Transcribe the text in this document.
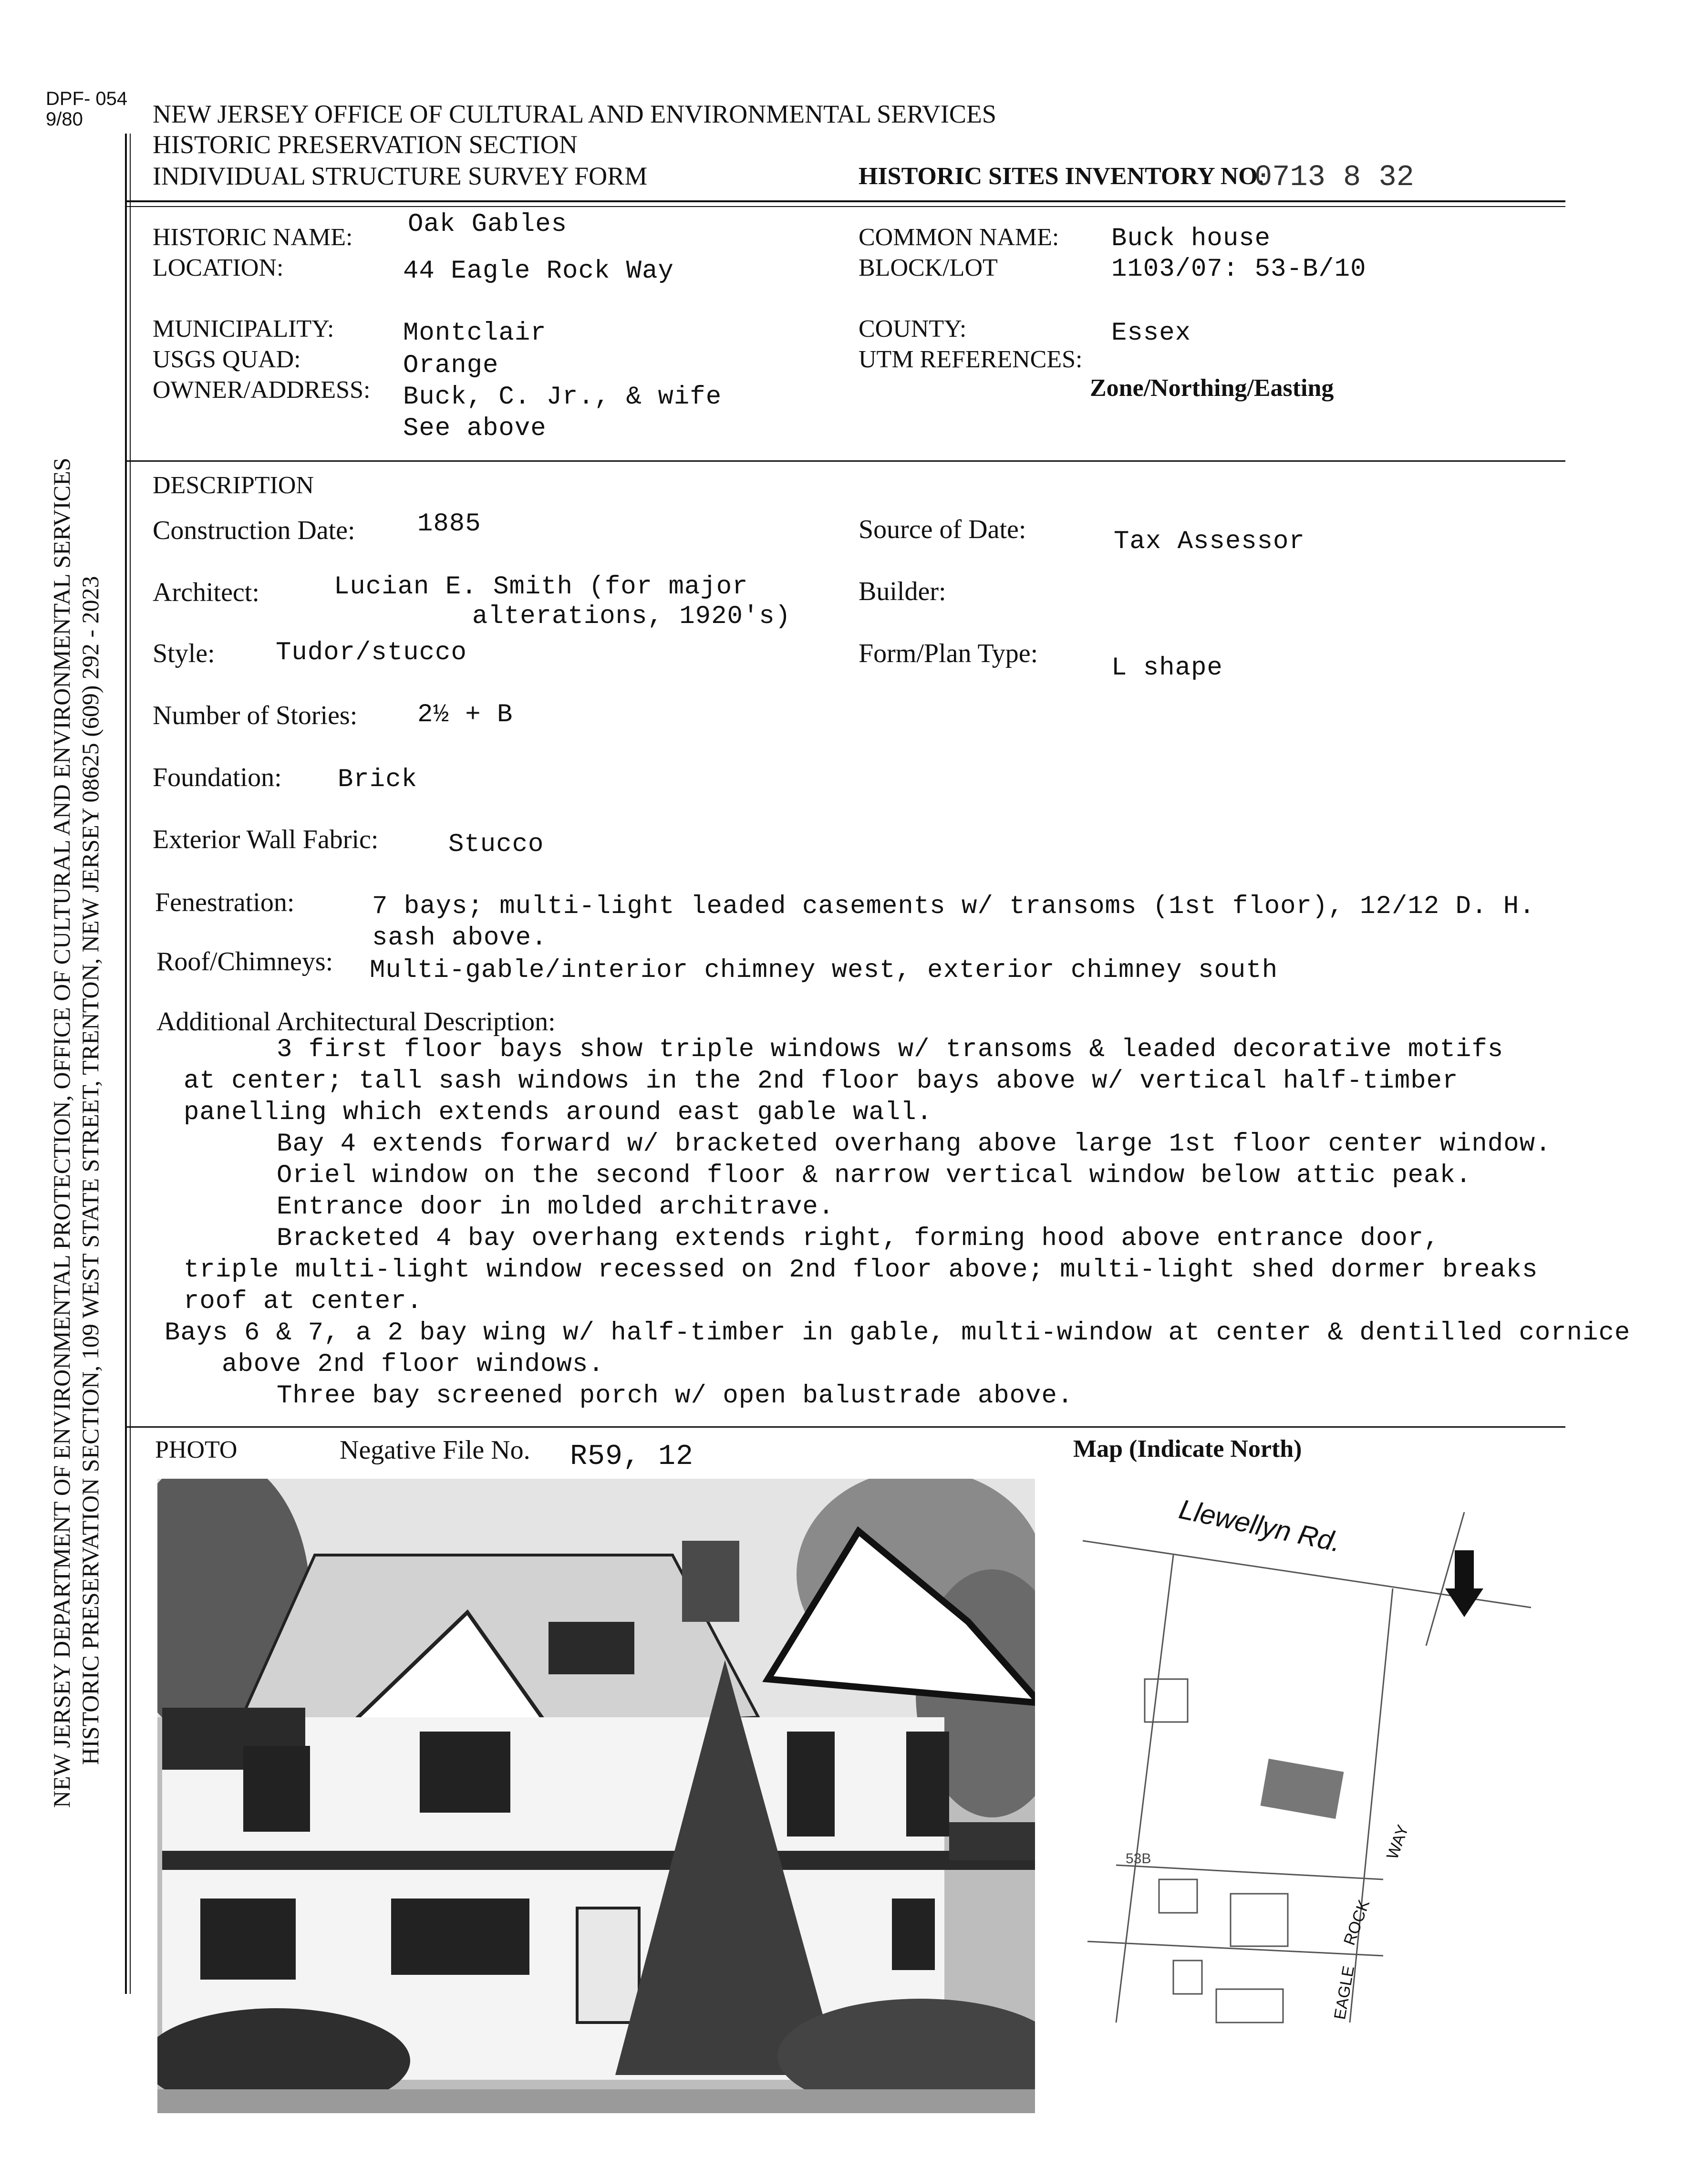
DPF- 054
9/80	NEW JERSEY OFFICE OF CULTURAL AND ENVIRONMENTAL SERVICES
HISTORIC PRESERVATION SECTION
INDIVIDUAL STRUCTURE SURVEY FORM	HISTORIC SITES INVENTORY NO.
0713 8 32
NEW JERSEY DEPARTMENT OF ENVIRONMENTAL PROTECTION, OFFICE OF CULTURAL AND ENVIRONMENTAL SERVICES HISTORIC PRESERVATION SECTION, 109 WEST STATE STREET, TRENTON, NEW JERSEY 08625 (609) 292 - 2023
HISTORIC NAME: Oak Gables
LOCATION:	44 Eagle Rock Way
COMMON NAME: Buck house
BLOCK/LOT	1103/07: 53-B/10
MUNICIPALITY:	Montclair
USGS QUAD:	Orange
OWNER/ADDRESS: Buck, C. Jr., & wife
See above
COUNTY:	Essex
UTM REFERENCES:
Zone/Northing/Easting
DESCRIPTION
Construction Date: 1885	Source of Date:	Tax Assessor
Architect:	Lucian E. Smith (for major
alterations, 1920's)
Builder:
Style: Tudor/stucco	Form/Plan Type:	L shape
Number of Stories: 2½ + B
Foundation: Brick
Exterior Wall Fabric:	Stucco
Fenestration:	7 bays; multi-light leaded casements w/ transoms (1st floor), 12/12 D. H.
sash above.
Roof/Chimneys: Multi-gable/interior chimney west, exterior chimney south
Additional Architectural Description:
3 first floor bays show triple windows w/ transoms & leaded decorative motifs
at center; tall sash windows in the 2nd floor bays above w/ vertical half-timber
panelling which extends around east gable wall.
Bay 4 extends forward w/ bracketed overhang above large 1st floor center window.
Oriel window on the second floor & narrow vertical window below attic peak.
Entrance door in molded architrave.
Bracketed 4 bay overhang extends right, forming hood above entrance door,
triple multi-light window recessed on 2nd floor above; multi-light shed dormer breaks
roof at center.
Bays 6 & 7, a 2 bay wing w/ half-timber in gable, multi-window at center & dentilled cornice
above 2nd floor windows.
Three bay screened porch w/ open balustrade above.
PHOTO	Negative File No. R59, 12	Map (Indicate North)
Llewellyn Rd.
EAGLE
ROCK
WAY
53B
